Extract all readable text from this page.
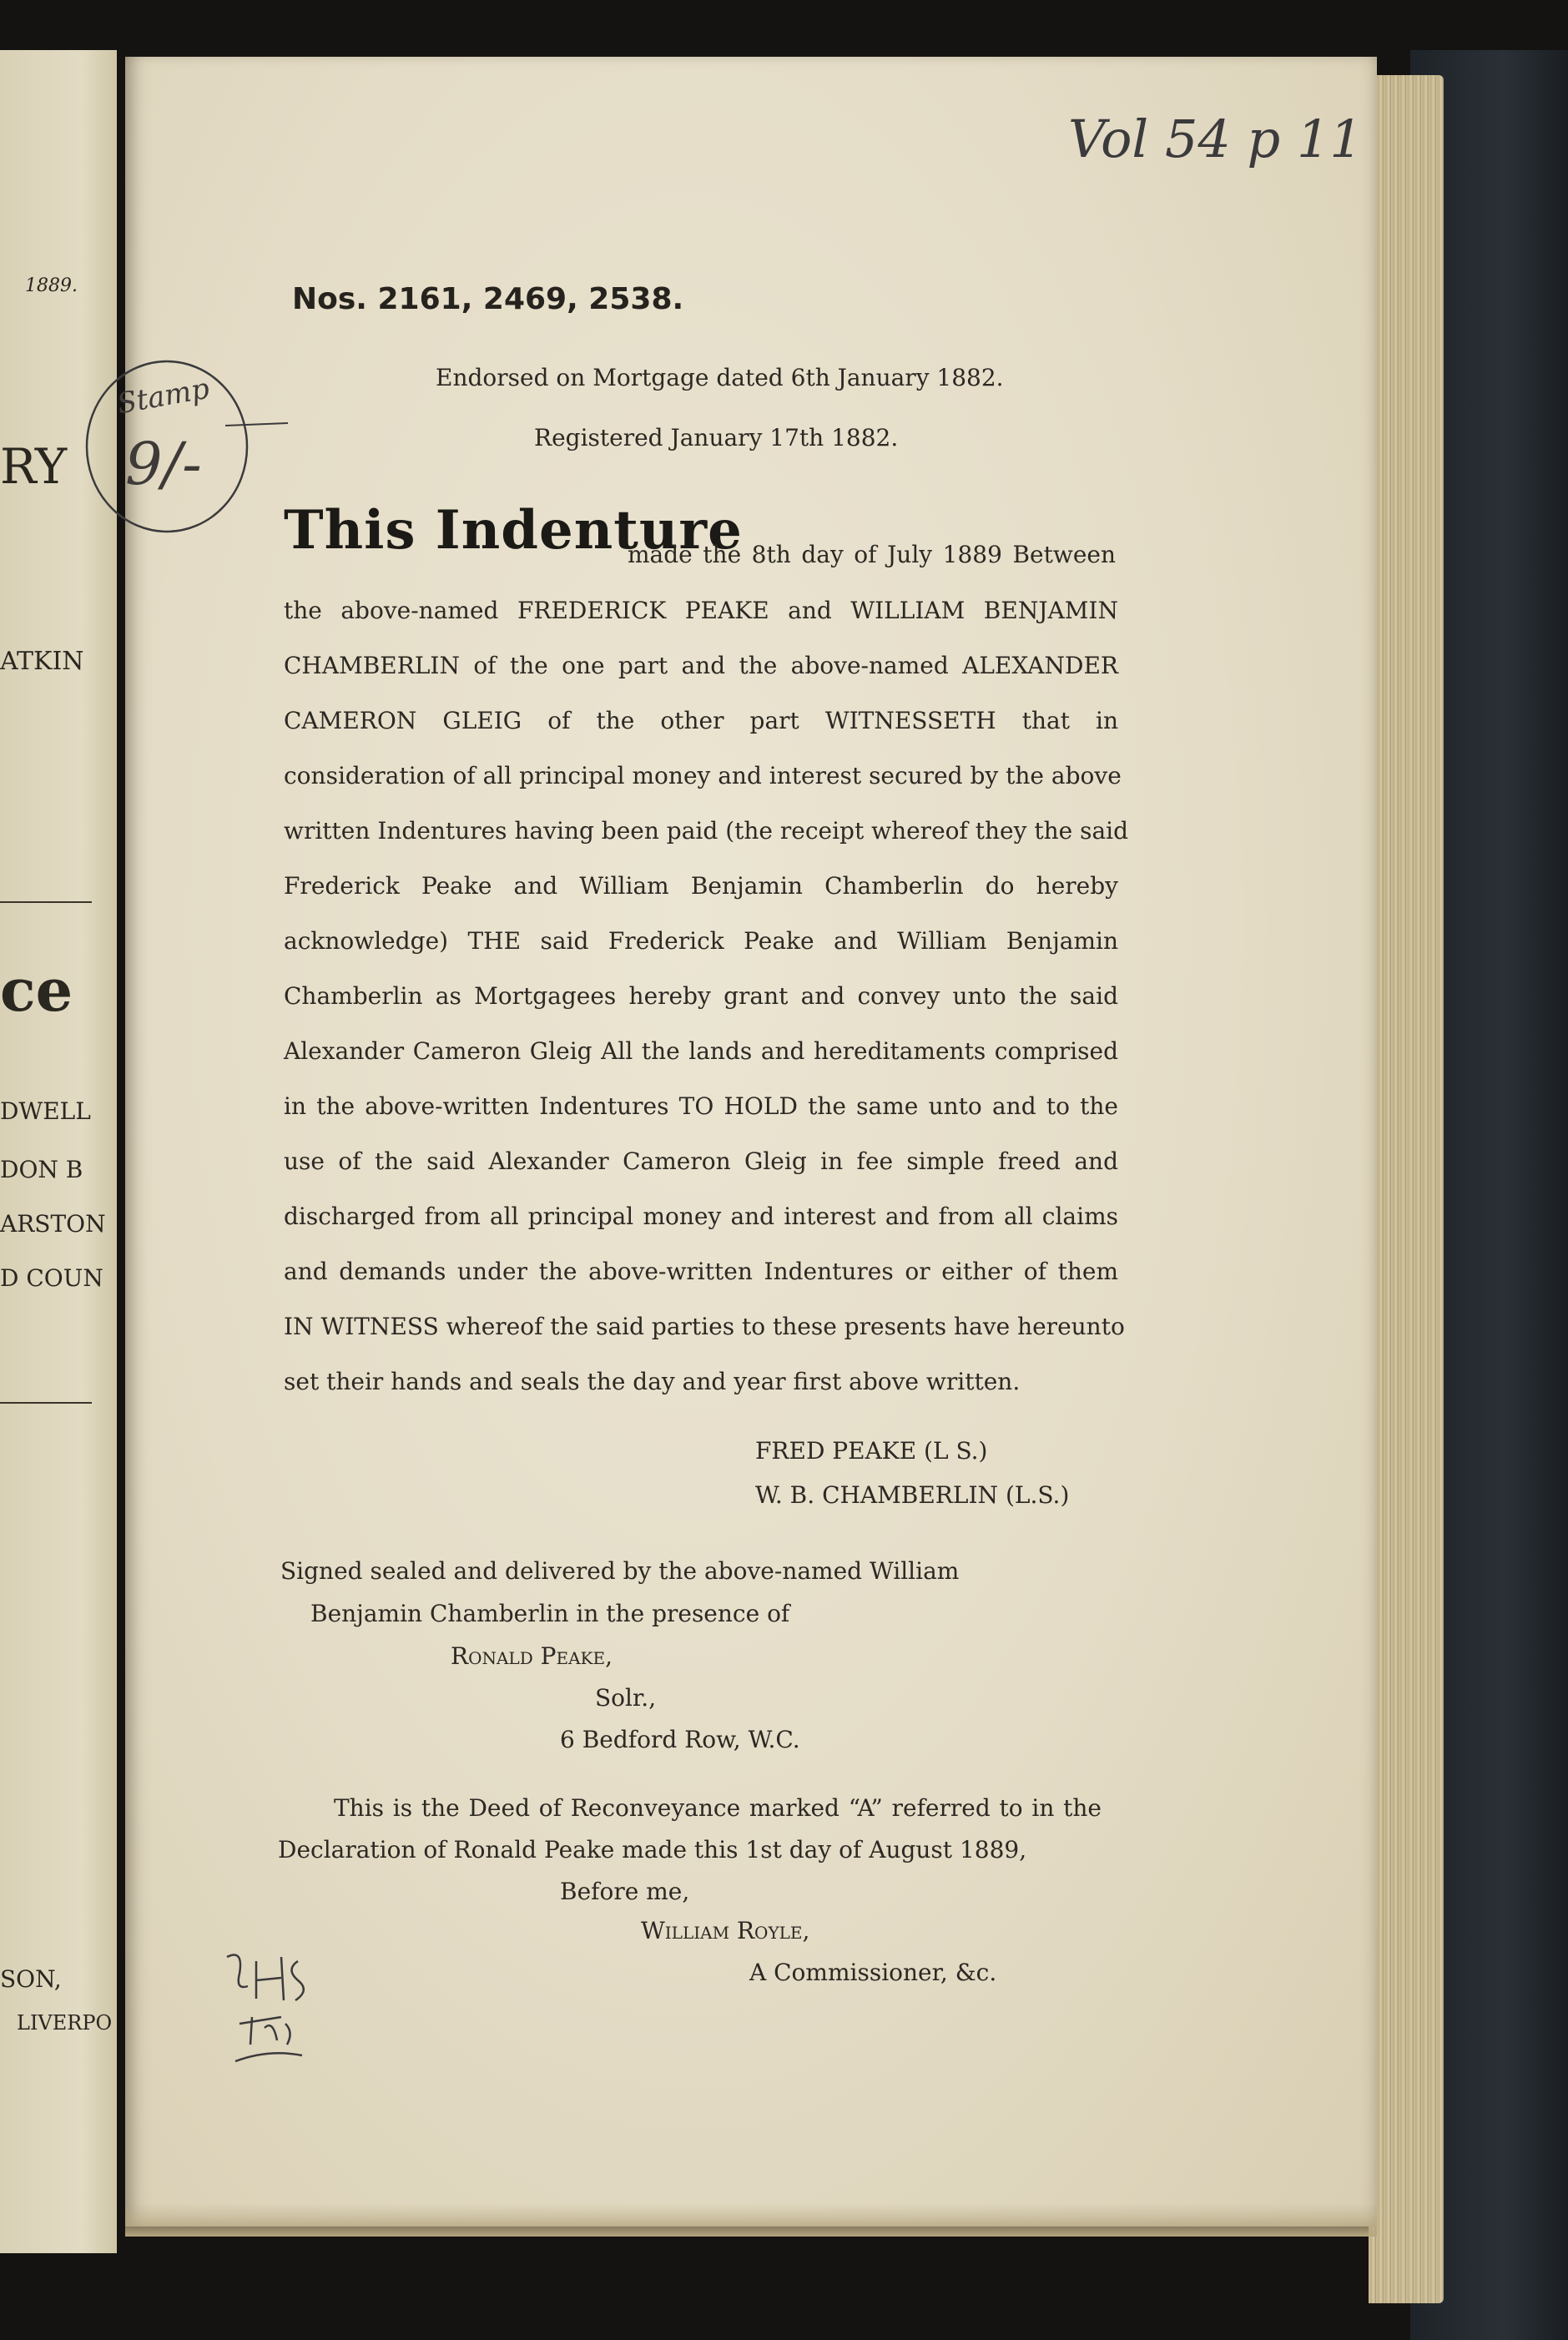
1889.
RY
ATKIN
ce
DWELL
DON B
ARSTON
D COUN
SON,
LIVERPO
Vol 54 p 11
Nos. 2161, 2469, 2538.
Endorsed on Mortgage dated 6th January 1882.
Registered January 17th 1882.
Stamp
9/-
This Indenture
made the 8th day of July 1889 Between
the above-named FREDERICK PEAKE and WILLIAM BENJAMIN
CHAMBERLIN of the one part and the above-named ALEXANDER
CAMERON GLEIG of the other part WITNESSETH that in
consideration of all principal money and interest secured by the above
written Indentures having been paid (the receipt whereof they the said
Frederick Peake and William Benjamin Chamberlin do hereby
acknowledge) THE said Frederick Peake and William Benjamin
Chamberlin as Mortgagees hereby grant and convey unto the said
Alexander Cameron Gleig All the lands and hereditaments comprised
in the above-written Indentures TO HOLD the same unto and to the
use of the said Alexander Cameron Gleig in fee simple freed and
discharged from all principal money and interest and from all claims
and demands under the above-written Indentures or either of them
IN WITNESS whereof the said parties to these presents have hereunto
set their hands and seals the day and year first above written.
FRED PEAKE (L S.)
W. B. CHAMBERLIN (L.S.)
Signed sealed and delivered by the above-named William
Benjamin Chamberlin in the presence of
Ronald Peake,
Solr.,
6 Bedford Row, W.C.
This is the Deed of Reconveyance marked “A” referred to in the
Declaration of Ronald Peake made this 1st day of August 1889,
Before me,
William Royle,
A Commissioner, &c.
